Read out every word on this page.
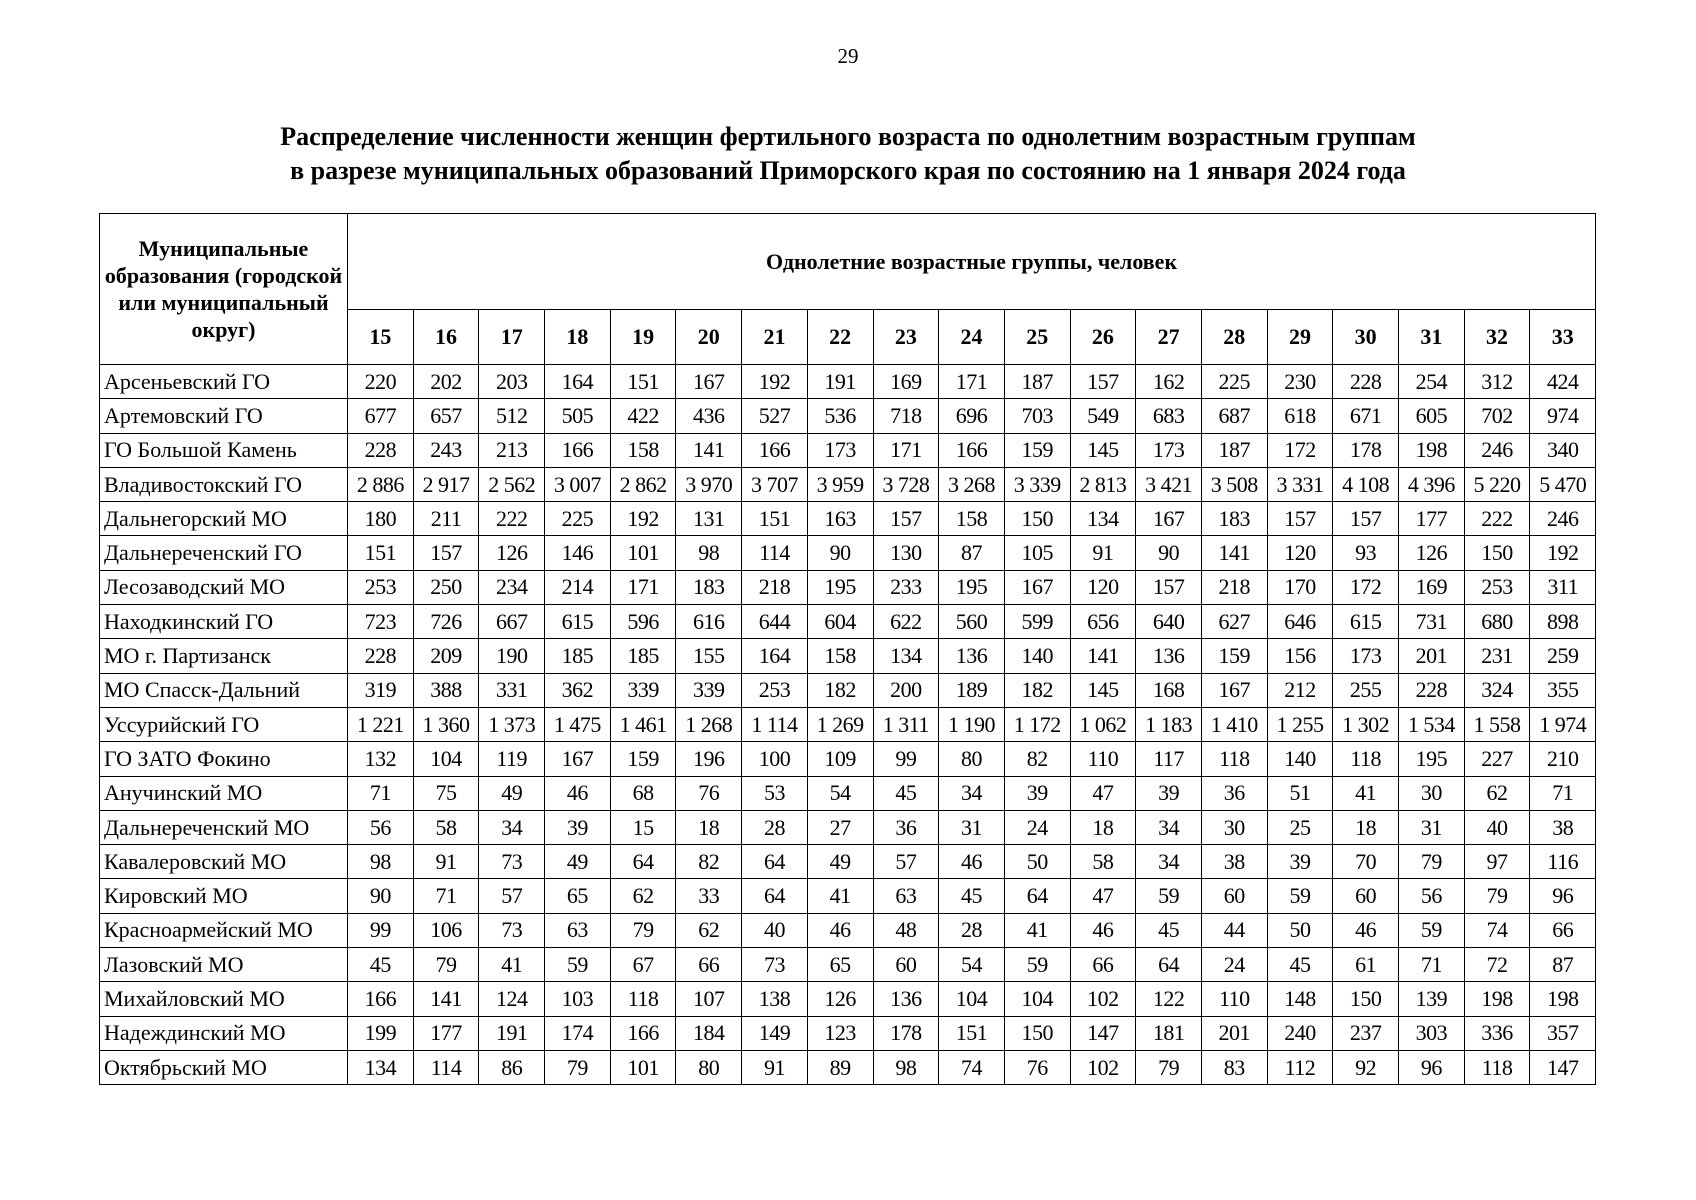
29
Распределение численности женщин фертильного возраста по однолетним возрастным группам
в разрезе муниципальных образований Приморского края по состоянию на 1 января 2024 года
Муниципальные образования (городской или муниципальный округ)	Однолетние возрастные группы, человек																		
	15	16	17	18	19	20	21	22	23	24	25	26	27	28	29	30	31	32	33
Арсеньевский ГО	220	202	203	164	151	167	192	191	169	171	187	157	162	225	230	228	254	312	424
Артемовский ГО	677	657	512	505	422	436	527	536	718	696	703	549	683	687	618	671	605	702	974
ГО Большой Камень	228	243	213	166	158	141	166	173	171	166	159	145	173	187	172	178	198	246	340
Владивостокский ГО	2 886	2 917	2 562	3 007	2 862	3 970	3 707	3 959	3 728	3 268	3 339	2 813	3 421	3 508	3 331	4 108	4 396	5 220	5 470
Дальнегорский МО	180	211	222	225	192	131	151	163	157	158	150	134	167	183	157	157	177	222	246
Дальнереченский ГО	151	157	126	146	101	98	114	90	130	87	105	91	90	141	120	93	126	150	192
Лесозаводский МО	253	250	234	214	171	183	218	195	233	195	167	120	157	218	170	172	169	253	311
Находкинский ГО	723	726	667	615	596	616	644	604	622	560	599	656	640	627	646	615	731	680	898
МО г. Партизанск	228	209	190	185	185	155	164	158	134	136	140	141	136	159	156	173	201	231	259
МО Спасск-Дальний	319	388	331	362	339	339	253	182	200	189	182	145	168	167	212	255	228	324	355
Уссурийский ГО	1 221	1 360	1 373	1 475	1 461	1 268	1 114	1 269	1 311	1 190	1 172	1 062	1 183	1 410	1 255	1 302	1 534	1 558	1 974
ГО ЗАТО Фокино	132	104	119	167	159	196	100	109	99	80	82	110	117	118	140	118	195	227	210
Анучинский МО	71	75	49	46	68	76	53	54	45	34	39	47	39	36	51	41	30	62	71
Дальнереченский МО	56	58	34	39	15	18	28	27	36	31	24	18	34	30	25	18	31	40	38
Кавалеровский МО	98	91	73	49	64	82	64	49	57	46	50	58	34	38	39	70	79	97	116
Кировский МО	90	71	57	65	62	33	64	41	63	45	64	47	59	60	59	60	56	79	96
Красноармейский МО	99	106	73	63	79	62	40	46	48	28	41	46	45	44	50	46	59	74	66
Лазовский МО	45	79	41	59	67	66	73	65	60	54	59	66	64	24	45	61	71	72	87
Михайловский МО	166	141	124	103	118	107	138	126	136	104	104	102	122	110	148	150	139	198	198
Надеждинский МО	199	177	191	174	166	184	149	123	178	151	150	147	181	201	240	237	303	336	357
Октябрьский МО	134	114	86	79	101	80	91	89	98	74	76	102	79	83	112	92	96	118	147
